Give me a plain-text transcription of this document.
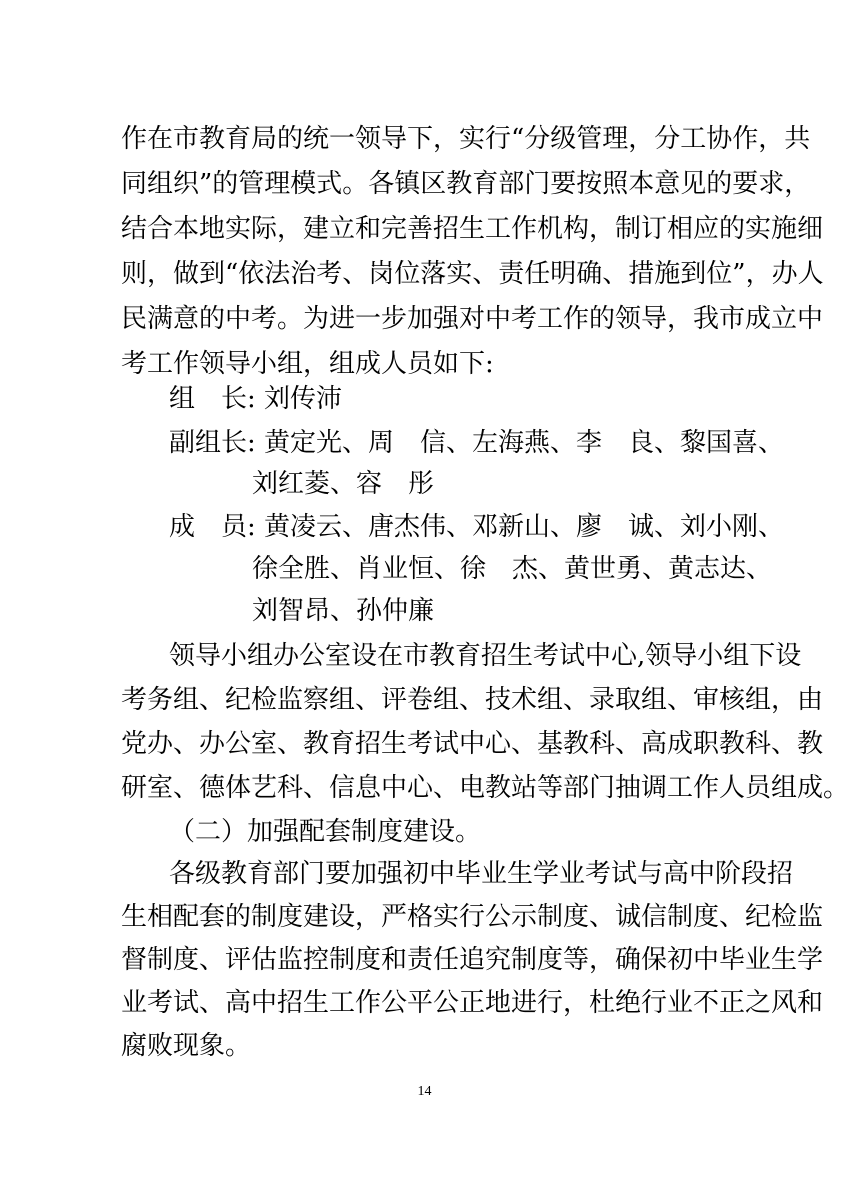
作在市教育局的统一领导下，实行“分级管理，分工协作，共
同组织”的管理模式。各镇区教育部门要按照本意见的要求，
结合本地实际，建立和完善招生工作机构，制订相应的实施细
则，做到“依法治考、岗位落实、责任明确、措施到位”，办人
民满意的中考。为进一步加强对中考工作的领导，我市成立中
考工作领导小组，组成人员如下:
组　长: 刘传沛
副组长: 黄定光、周　信、左海燕、李　良、黎国喜、
刘红菱、容　彤
成　员: 黄凌云、唐杰伟、邓新山、廖　诚、刘小刚、
徐全胜、肖业恒、徐　杰、黄世勇、黄志达、
刘智昂、孙仲廉
领导小组办公室设在市教育招生考试中心,领导小组下设
考务组、纪检监察组、评卷组、技术组、录取组、审核组，由
党办、办公室、教育招生考试中心、基教科、高成职教科、教
研室、德体艺科、信息中心、电教站等部门抽调工作人员组成。
（二）加强配套制度建设。
各级教育部门要加强初中毕业生学业考试与高中阶段招
生相配套的制度建设，严格实行公示制度、诚信制度、纪检监
督制度、评估监控制度和责任追究制度等，确保初中毕业生学
业考试、高中招生工作公平公正地进行，杜绝行业不正之风和
腐败现象。
14
